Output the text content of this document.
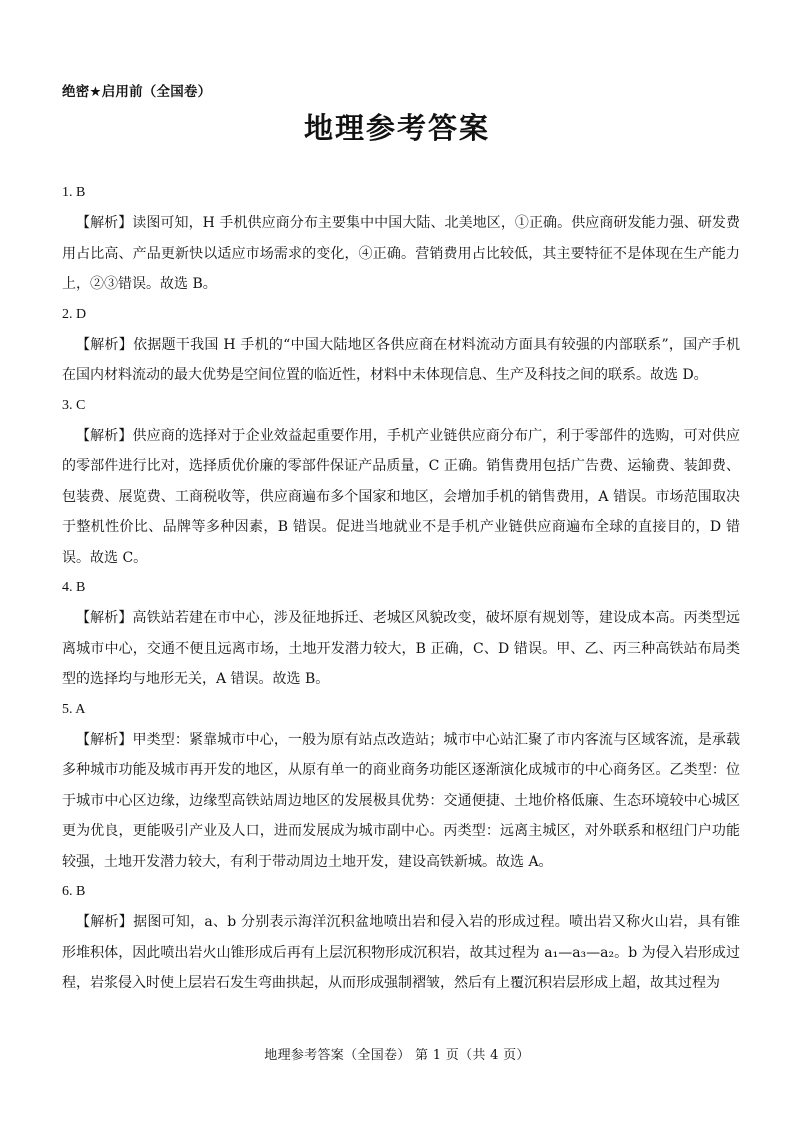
绝密★启用前（全国卷）
地理参考答案
1. B

【解析】读图可知，H 手机供应商分布主要集中中国大陆、北美地区，①正确。供应商研发能力强、研发费用占比高、产品更新快以适应市场需求的变化，④正确。营销费用占比较低，其主要特征不是体现在生产能力上，②③错误。故选 B。

2. D

【解析】依据题干我国 H 手机的“中国大陆地区各供应商在材料流动方面具有较强的内部联系”，国产手机在国内材料流动的最大优势是空间位置的临近性，材料中未体现信息、生产及科技之间的联系。故选 D。

3. C

【解析】供应商的选择对于企业效益起重要作用，手机产业链供应商分布广，利于零部件的选购，可对供应的零部件进行比对，选择质优价廉的零部件保证产品质量，C 正确。销售费用包括广告费、运输费、装卸费、包装费、展览费、工商税收等，供应商遍布多个国家和地区，会增加手机的销售费用，A 错误。市场范围取决于整机性价比、品牌等多种因素，B 错误。促进当地就业不是手机产业链供应商遍布全球的直接目的，D 错误。故选 C。

4. B

【解析】高铁站若建在市中心，涉及征地拆迁、老城区风貌改变，破坏原有规划等，建设成本高。丙类型远离城市中心，交通不便且远离市场，土地开发潜力较大，B 正确，C、D 错误。甲、乙、丙三种高铁站布局类型的选择均与地形无关，A 错误。故选 B。

5. A

【解析】甲类型：紧靠城市中心，一般为原有站点改造站；城市中心站汇聚了市内客流与区域客流，是承载多种城市功能及城市再开发的地区，从原有单一的商业商务功能区逐渐演化成城市的中心商务区。乙类型：位于城市中心区边缘，边缘型高铁站周边地区的发展极具优势：交通便捷、土地价格低廉、生态环境较中心城区更为优良，更能吸引产业及人口，进而发展成为城市副中心。丙类型：远离主城区，对外联系和枢纽门户功能较强，土地开发潜力较大，有利于带动周边土地开发，建设高铁新城。故选 A。

6. B

【解析】据图可知，a、b 分别表示海洋沉积盆地喷出岩和侵入岩的形成过程。喷出岩又称火山岩，具有锥形堆积体，因此喷出岩火山锥形成后再有上层沉积物形成沉积岩，故其过程为 a₁—a₃—a₂。b 为侵入岩形成过程，岩浆侵入时使上层岩石发生弯曲拱起，从而形成强制褶皱，然后有上覆沉积岩层形成上超，故其过程为

地理参考答案（全国卷） 第 1 页（共 4 页）
